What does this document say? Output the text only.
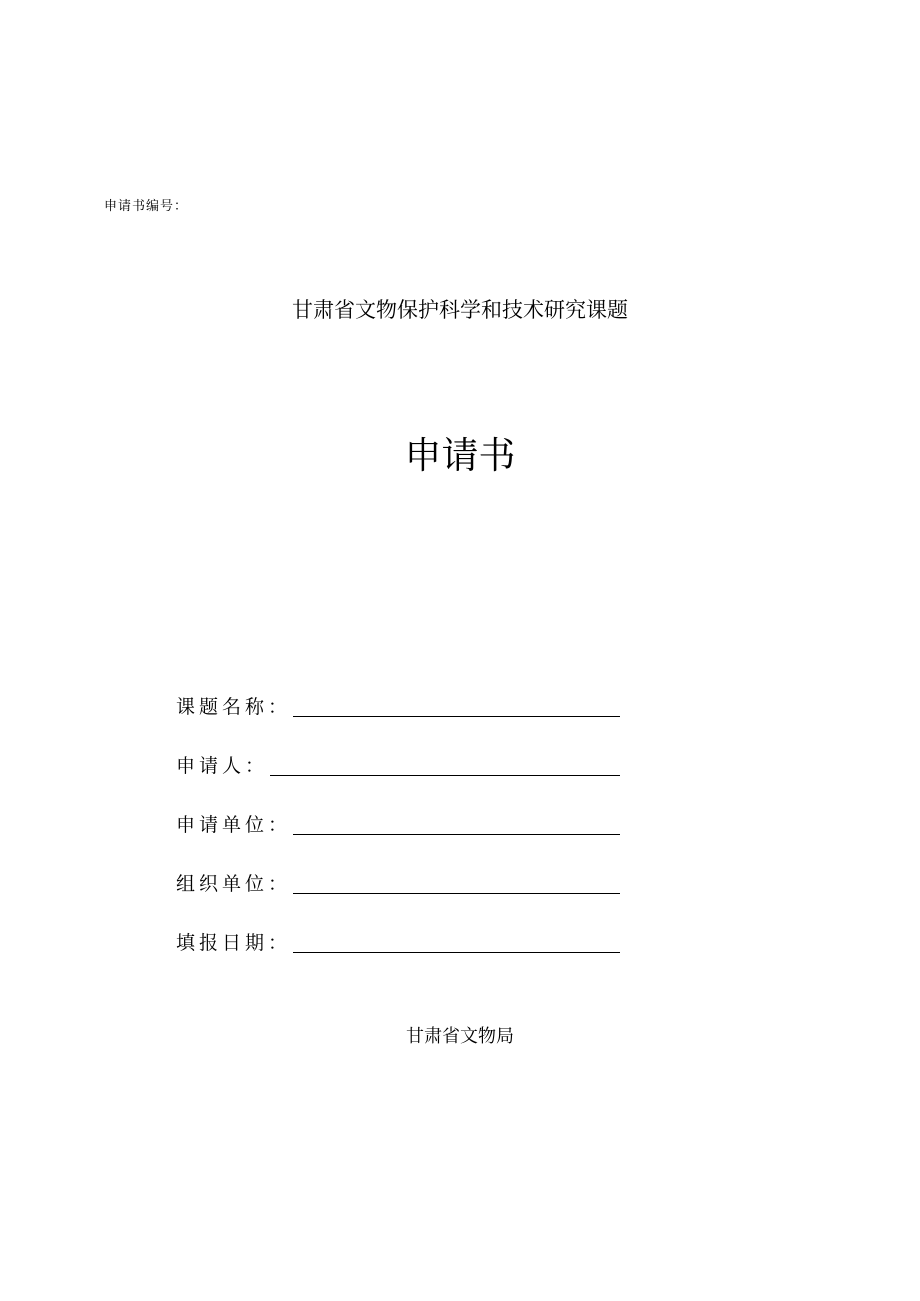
申请书编号：
甘肃省文物保护科学和技术研究课题
申请书
课题名称：
申请人：
申请单位：
组织单位：
填报日期：
甘肃省文物局
